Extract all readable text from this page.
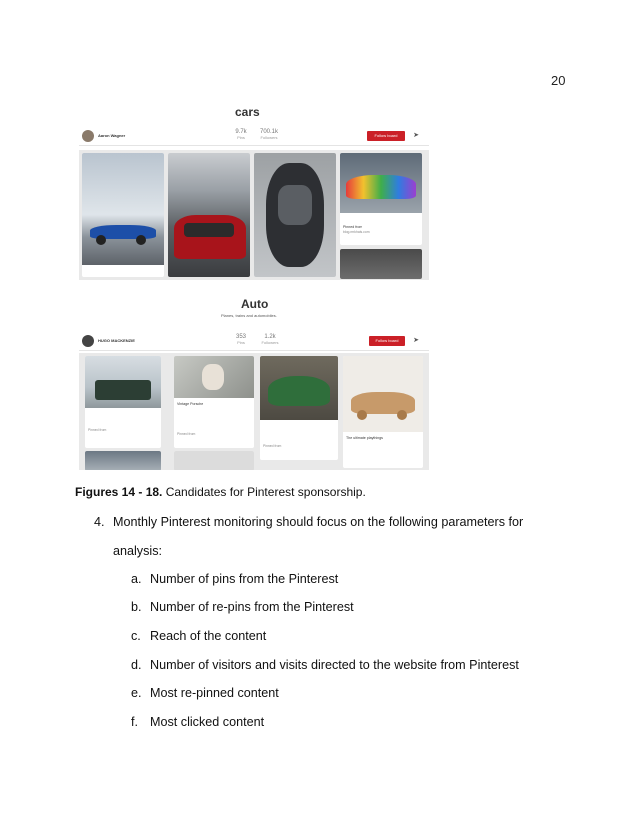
20
cars
Aaron Wagner
9.7k
Pins
700.1k
Followers	Follow board	➤
Pinned from
blog.mrkhals.com
Auto
Planes, trains and automobiles.
HUGO MACKENZIE
353
Pins
1.2k
Followers	Follow board	➤
Pinned from
Vintage Porsche
Pinned from
Pinned from
The ultimate playthings
Figures 14 - 18. Candidates for Pinterest sponsorship.
4. Monthly Pinterest monitoring should focus on the following parameters for
analysis:
a. Number of pins from the Pinterest
b. Number of re-pins from the Pinterest
c. Reach of the content
d. Number of visitors and visits directed to the website from Pinterest
e. Most re-pinned content
f. Most clicked content
